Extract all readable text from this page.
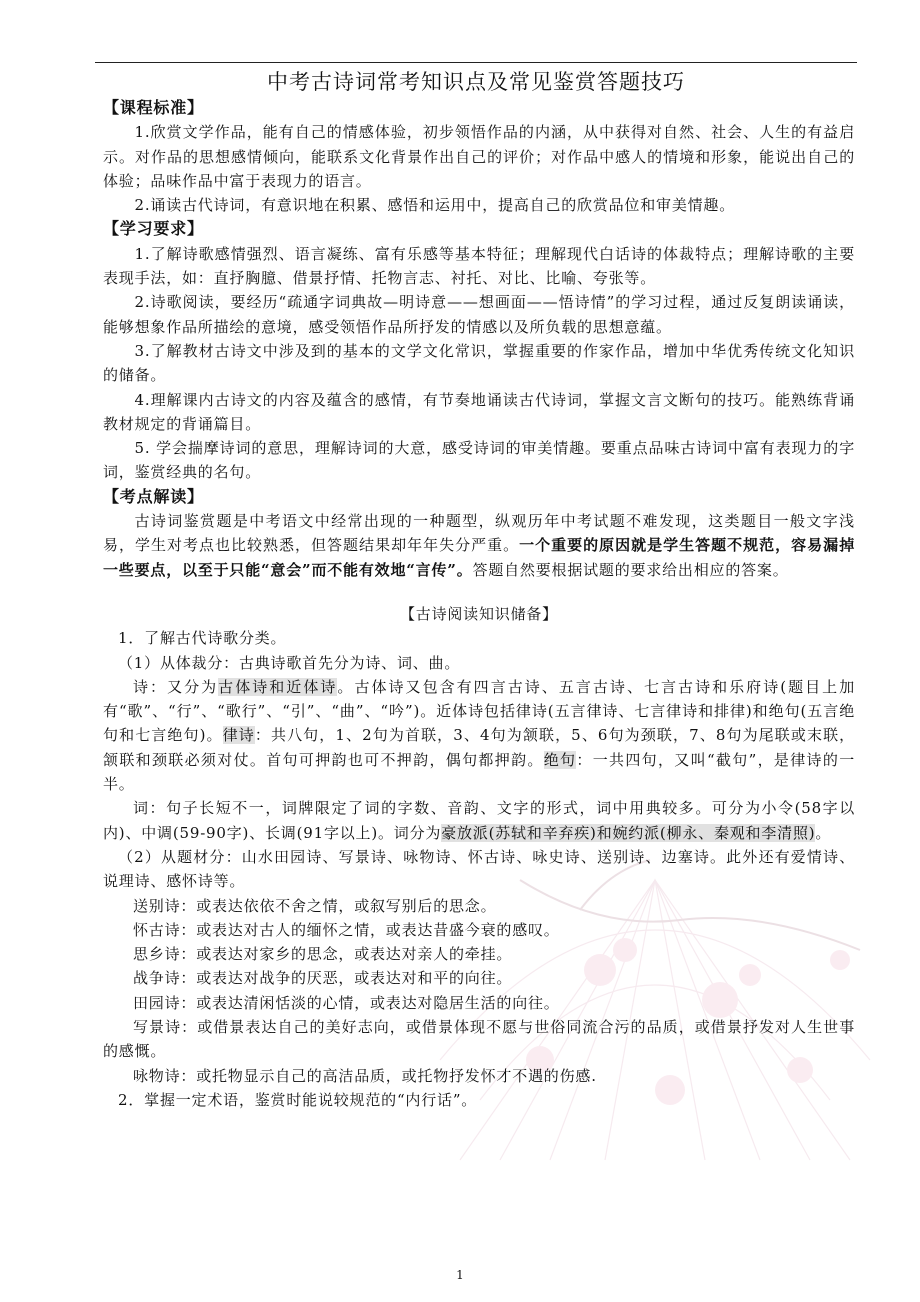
中考古诗词常考知识点及常见鉴赏答题技巧

【课程标准】

1.欣赏文学作品，能有自己的情感体验，初步领悟作品的内涵，从中获得对自然、社会、人生的有益启示。对作品的思想感情倾向，能联系文化背景作出自己的评价；对作品中感人的情境和形象，能说出自己的体验；品味作品中富于表现力的语言。

2.诵读古代诗词，有意识地在积累、感悟和运用中，提高自己的欣赏品位和审美情趣。

【学习要求】

1.了解诗歌感情强烈、语言凝练、富有乐感等基本特征；理解现代白话诗的体裁特点；理解诗歌的主要表现手法，如：直抒胸臆、借景抒情、托物言志、衬托、对比、比喻、夸张等。

2.诗歌阅读，要经历“疏通字词典故—明诗意——想画面——悟诗情”的学习过程，通过反复朗读诵读，能够想象作品所描绘的意境，感受领悟作品所抒发的情感以及所负载的思想意蕴。

3.了解教材古诗文中涉及到的基本的文学文化常识，掌握重要的作家作品，增加中华优秀传统文化知识的储备。

4.理解课内古诗文的内容及蕴含的感情，有节奏地诵读古代诗词，掌握文言文断句的技巧。能熟练背诵教材规定的背诵篇目。

5. 学会揣摩诗词的意思，理解诗词的大意，感受诗词的审美情趣。要重点品味古诗词中富有表现力的字词，鉴赏经典的名句。

【考点解读】

古诗词鉴赏题是中考语文中经常出现的一种题型，纵观历年中考试题不难发现，这类题目一般文字浅易，学生对考点也比较熟悉，但答题结果却年年失分严重。一个重要的原因就是学生答题不规范，容易漏掉一些要点，以至于只能“意会”而不能有效地“言传”。答题自然要根据试题的要求给出相应的答案。

【古诗阅读知识储备】

1．了解古代诗歌分类。

（1）从体裁分：古典诗歌首先分为诗、词、曲。

诗：又分为古体诗和近体诗。古体诗又包含有四言古诗、五言古诗、七言古诗和乐府诗(题目上加有“歌”、“行”、“歌行”、“引”、“曲”、“吟”)。近体诗包括律诗(五言律诗、七言律诗和排律)和绝句(五言绝句和七言绝句)。律诗：共八句，1、2句为首联，3、4句为颔联，5、6句为颈联，7、8句为尾联或末联，颔联和颈联必须对仗。首句可押韵也可不押韵，偶句都押韵。绝句：一共四句，又叫“截句”，是律诗的一半。

词：句子长短不一，词牌限定了词的字数、音韵、文字的形式，词中用典较多。可分为小令(58字以内)、中调(59-90字)、长调(91字以上)。词分为豪放派(苏轼和辛弃疾)和婉约派(柳永、秦观和李清照)。

（2）从题材分：山水田园诗、写景诗、咏物诗、怀古诗、咏史诗、送别诗、边塞诗。此外还有爱情诗、说理诗、感怀诗等。

送别诗：或表达依依不舍之情，或叙写别后的思念。

怀古诗：或表达对古人的缅怀之情，或表达昔盛今衰的感叹。

思乡诗：或表达对家乡的思念，或表达对亲人的牵挂。

战争诗：或表达对战争的厌恶，或表达对和平的向往。

田园诗：或表达清闲恬淡的心情，或表达对隐居生活的向往。

写景诗：或借景表达自己的美好志向，或借景体现不愿与世俗同流合污的品质，或借景抒发对人生世事的感慨。

咏物诗：或托物显示自己的高洁品质，或托物抒发怀才不遇的伤感.

2．掌握一定术语，鉴赏时能说较规范的“内行话”。

1
